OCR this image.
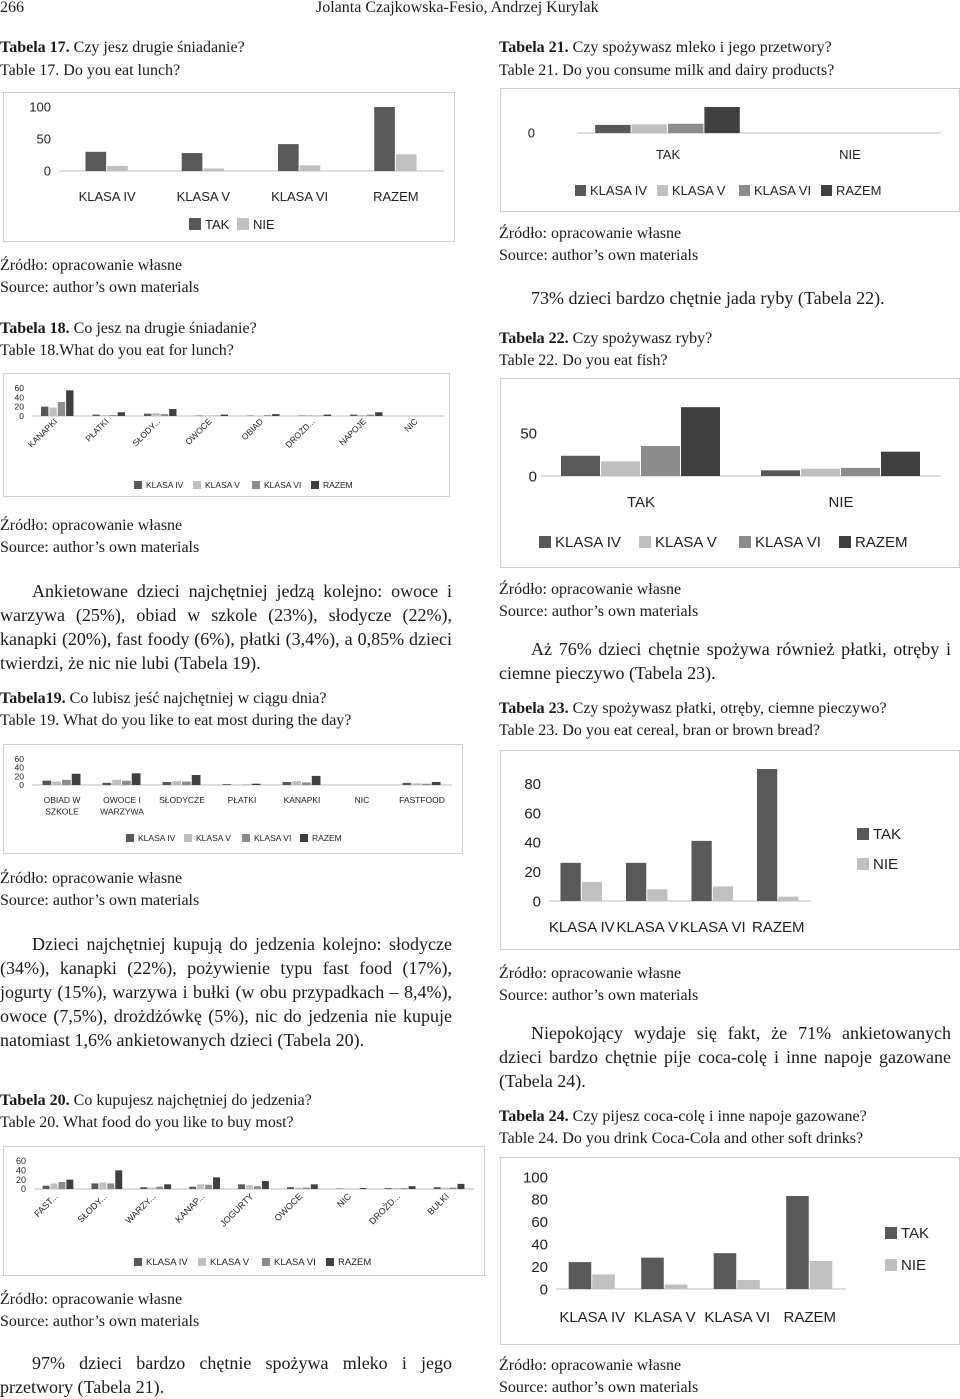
266	Jolanta Czajkowska-Fesio, Andrzej Kurylak
Tabela 17. Czy jesz drugie śniadanie?
Table 17. Do you eat lunch?
100
50
0
KLASA IV	KLASA V	KLASA VI	RAZEM
TAK NIE
Źródło: opracowanie własne
Source: author’s own materials
Tabela 18. Co jesz na drugie śniadanie?
Table 18.What do you eat for lunch?
60
40
20
0
KANAPKI	PŁATKI SŁODY... OWOCE	OBIAD DROŻD... NAPOJE	NIC
KLASA IV	KLASA V	KLASA VI	RAZEM
Źródło: opracowanie własne
Source: author’s own materials
Ankietowane dzieci najchętniej jedzą kolejno: owoce i warzywa (25%), obiad w szkole (23%), słodycze (22%), kanapki (20%), fast foody (6%), płatki (3,4%), a 0,85% dzieci twierdzi, że nic nie lubi (Tabela 19).
Tabela19. Co lubisz jeść najchętniej w ciągu dnia?
Table 19. What do you like to eat most during the day?
60
40
20
0
OBIAD W
SZKOLE
OWOCE I
WARZYWA
SŁODYCZE	PŁATKI	KANAPKI	NIC	FASTFOOD
KLASA IV KLASA V	KLASA VI RAZEM
Źródło: opracowanie własne
Source: author’s own materials
Dzieci najchętniej kupują do jedzenia kolejno: słodycze (34%), kanapki (22%), pożywienie typu fast food (17%), jogurty (15%), warzywa i bułki (w obu przypadkach – 8,4%), owoce (7,5%), drożdżówkę (5%), nic do jedzenia nie kupuje natomiast 1,6% ankietowanych dzieci (Tabela 20).
Tabela 20. Co kupujesz najchętniej do jedzenia?
Table 20. What food do you like to buy most?
60
40
20
0
FAST... SŁODY... WARZY... KANAP... JOGURTY OWOCE	NIC DROŻD...	BUŁKI
KLASA IV KLASA V	KLASA VI RAZEM
Źródło: opracowanie własne
Source: author’s own materials
97% dzieci bardzo chętnie spożywa mleko i jego przetwory (Tabela 21).
Tabela 21. Czy spożywasz mleko i jego przetwory?
Table 21. Do you consume milk and dairy products?
0
TAK	NIE
KLASA IV KLASA V KLASA VI RAZEM
Źródło: opracowanie własne
Source: author’s own materials
73% dzieci bardzo chętnie jada ryby (Tabela 22).
Tabela 22. Czy spożywasz ryby?
Table 22. Do you eat fish?
50
0
TAK	NIE
KLASA IV KLASA V	KLASA VI RAZEM
Źródło: opracowanie własne
Source: author’s own materials
Aż 76% dzieci chętnie spożywa również płatki, otręby i ciemne pieczywo (Tabela 23).
Tabela 23. Czy spożywasz płatki, otręby, ciemne pieczywo?
Table 23. Do you eat cereal, bran or brown bread?
80
60
40
20
0
KLASA IV KLASA V KLASA VI RAZEM
TAK
NIE
Źródło: opracowanie własne
Source: author’s own materials
Niepokojący wydaje się fakt, że 71% ankietowanych dzieci bardzo chętnie pije coca-colę i inne napoje gazowane (Tabela 24).
Tabela 24. Czy pijesz coca-colę i inne napoje gazowane?
Table 24. Do you drink Coca-Cola and other soft drinks?
100
80
60
40
20
0
KLASA IV KLASA V KLASA VI RAZEM
TAK
NIE
Źródło: opracowanie własne
Source: author’s own materials
